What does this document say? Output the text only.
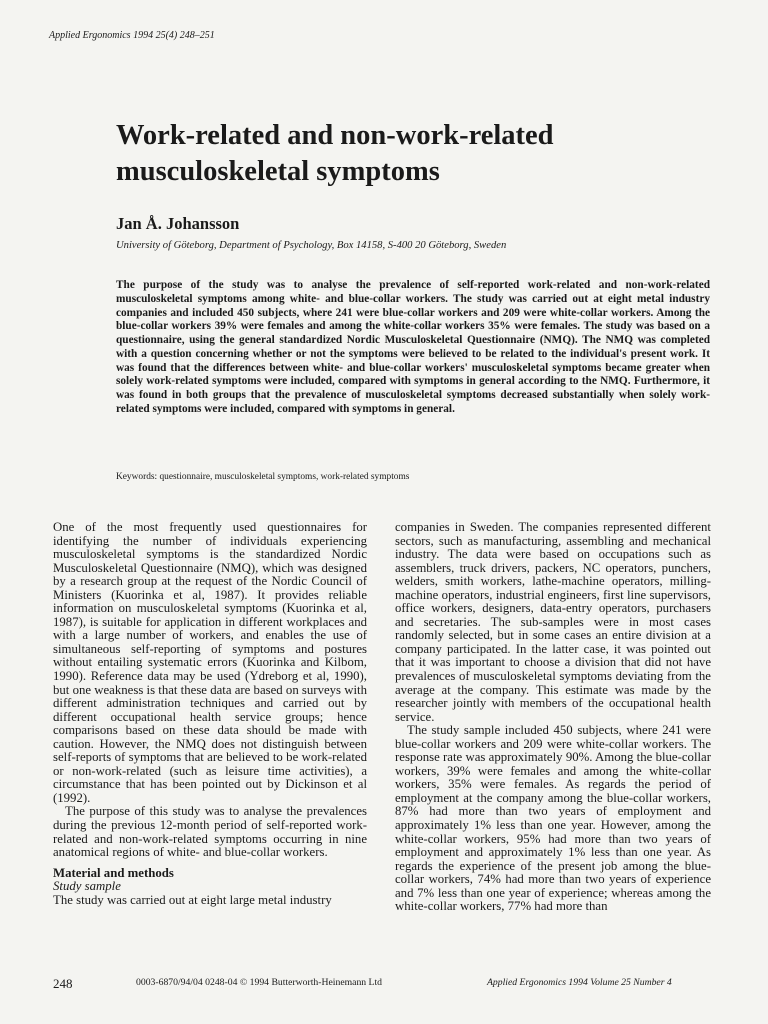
Applied Ergonomics 1994 25(4) 248–251
Work-related and non-work-related musculoskeletal symptoms
Jan Å. Johansson
University of Göteborg, Department of Psychology, Box 14158, S-400 20 Göteborg, Sweden

The purpose of the study was to analyse the prevalence of self-reported work-related and non-work-related musculoskeletal symptoms among white- and blue-collar workers. The study was carried out at eight metal industry companies and included 450 subjects, where 241 were blue-collar workers and 209 were white-collar workers. Among the blue-collar workers 39% were females and among the white-collar workers 35% were females. The study was based on a questionnaire, using the general standardized Nordic Musculoskeletal Questionnaire (NMQ). The NMQ was completed with a question concerning whether or not the symptoms were believed to be related to the individual's present work. It was found that the differences between white- and blue-collar workers' musculoskeletal symptoms became greater when solely work-related symptoms were included, compared with symptoms in general according to the NMQ. Furthermore, it was found in both groups that the prevalence of musculoskeletal symptoms decreased substantially when solely work-related symptoms were included, compared with symptoms in general.

Keywords: questionnaire, musculoskeletal symptoms, work-related symptoms

One of the most frequently used questionnaires for identifying the number of individuals experiencing musculoskeletal symptoms is the standardized Nordic Musculoskeletal Questionnaire (NMQ), which was designed by a research group at the request of the Nordic Council of Ministers (Kuorinka et al, 1987). It provides reliable information on musculoskeletal symptoms (Kuorinka et al, 1987), is suitable for application in different workplaces and with a large number of workers, and enables the use of simultaneous self-reporting of symptoms and postures without entailing systematic errors (Kuorinka and Kilbom, 1990). Reference data may be used (Ydreborg et al, 1990), but one weakness is that these data are based on surveys with different administration techniques and carried out by different occupational health service groups; hence comparisons based on these data should be made with caution. However, the NMQ does not distinguish between self-reports of symptoms that are believed to be work-related or non-work-related (such as leisure time activities), a circumstance that has been pointed out by Dickinson et al (1992).

The purpose of this study was to analyse the prevalences during the previous 12-month period of self-reported work-related and non-work-related symptoms occurring in nine anatomical regions of white- and blue-collar workers.

Material and methods

Study sample

The study was carried out at eight large metal industry

companies in Sweden. The companies represented different sectors, such as manufacturing, assembling and mechanical industry. The data were based on occupations such as assemblers, truck drivers, packers, NC operators, punchers, welders, smith workers, lathe-machine operators, milling-machine operators, industrial engineers, first line supervisors, office workers, designers, data-entry operators, purchasers and secretaries. The sub-samples were in most cases randomly selected, but in some cases an entire division at a company participated. In the latter case, it was pointed out that it was important to choose a division that did not have prevalences of musculoskeletal symptoms deviating from the average at the company. This estimate was made by the researcher jointly with members of the occupational health service.

The study sample included 450 subjects, where 241 were blue-collar workers and 209 were white-collar workers. The response rate was approximately 90%. Among the blue-collar workers, 39% were females and among the white-collar workers, 35% were females. As regards the period of employment at the company among the blue-collar workers, 87% had more than two years of employment and approximately 1% less than one year. However, among the white-collar workers, 95% had more than two years of employment and approximately 1% less than one year. As regards the experience of the present job among the blue-collar workers, 74% had more than two years of experience and 7% less than one year of experience; whereas among the white-collar workers, 77% had more than

248	0003-6870/94/04 0248-04 © 1994 Butterworth-Heinemann Ltd	Applied Ergonomics 1994 Volume 25 Number 4
